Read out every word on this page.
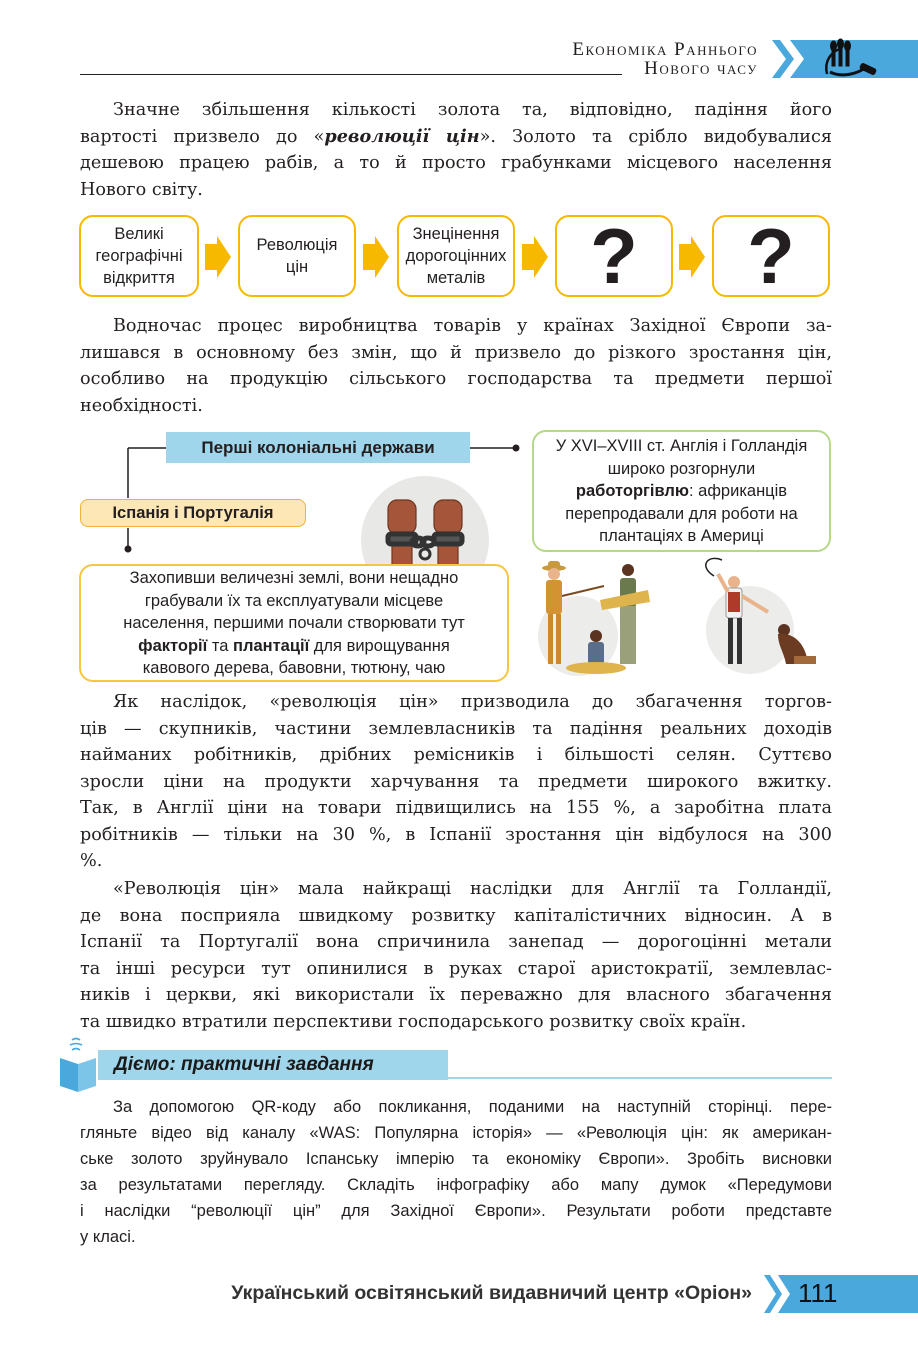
Економіка Раннього
Нового часу
Значне збільшення кількості золота та, відповідно, падіння його
вартості призвело до «революції цін». Золото та срібло видобувалися
дешевою працею рабів, а то й просто грабунками місцевого населення
Нового світу.
Великі
географічні
відкриття
Революція
цін
Знецінення
дорогоцінних
металів ? ?
Водночас процес виробництва товарів у країнах Західної Європи за-
лишався в основному без змін, що й призвело до різкого зростання цін,
особливо на продукцію сільського господарства та предмети першої
необхідності.
Перші колоніальні держави
Іспанія і Португалія
У XVI–XVIII ст. Англія і Голландія
широко розгорнули
работоргівлю: африканців
перепродавали для роботи на
плантаціях в Америці
Захопивши величезні землі, вони нещадно
грабували їх та експлуатували місцеве
населення, першими почали створювати тут
факторії та плантації для вирощування
кавового дерева, бавовни, тютюну, чаю
Як наслідок, «революція цін» призводила до збагачення торгов-
ців — скупників, частини землевласників та падіння реальних доходів
найманих робітників, дрібних ремісників і більшості селян. Суттєво
зросли ціни на продукти харчування та предмети широкого вжитку.
Так, в Англії ціни на товари підвищились на 155 %, а заробітна плата
робітників — тільки на 30 %, в Іспанії зростання цін відбулося на 300
%.
«Революція цін» мала найкращі наслідки для Англії та Голландії,
де вона посприяла швидкому розвитку капіталістичних відносин. А в
Іспанії та Португалії вона спричинила занепад — дорогоцінні метали
та інші ресурси тут опинилися в руках старої аристократії, землевлас-
ників і церкви, які використали їх переважно для власного збагачення
та швидко втратили перспективи господарського розвитку своїх країн.
Діємо: практичні завдання
За допомогою QR-коду або покликання, поданими на наступній сторінці. пере-
гляньте відео від каналу «WAS: Популярна історія» — «Революція цін: як американ-
ське золото зруйнувало Іспанську імперію та економіку Європи». Зробіть висновки
за результатами перегляду. Складіть інфографіку або мапу думок «Передумови
і наслідки “революції цін” для Західної Європи». Результати роботи представте
у класі.
Український освітянський видавничий центр «Оріон» 111
